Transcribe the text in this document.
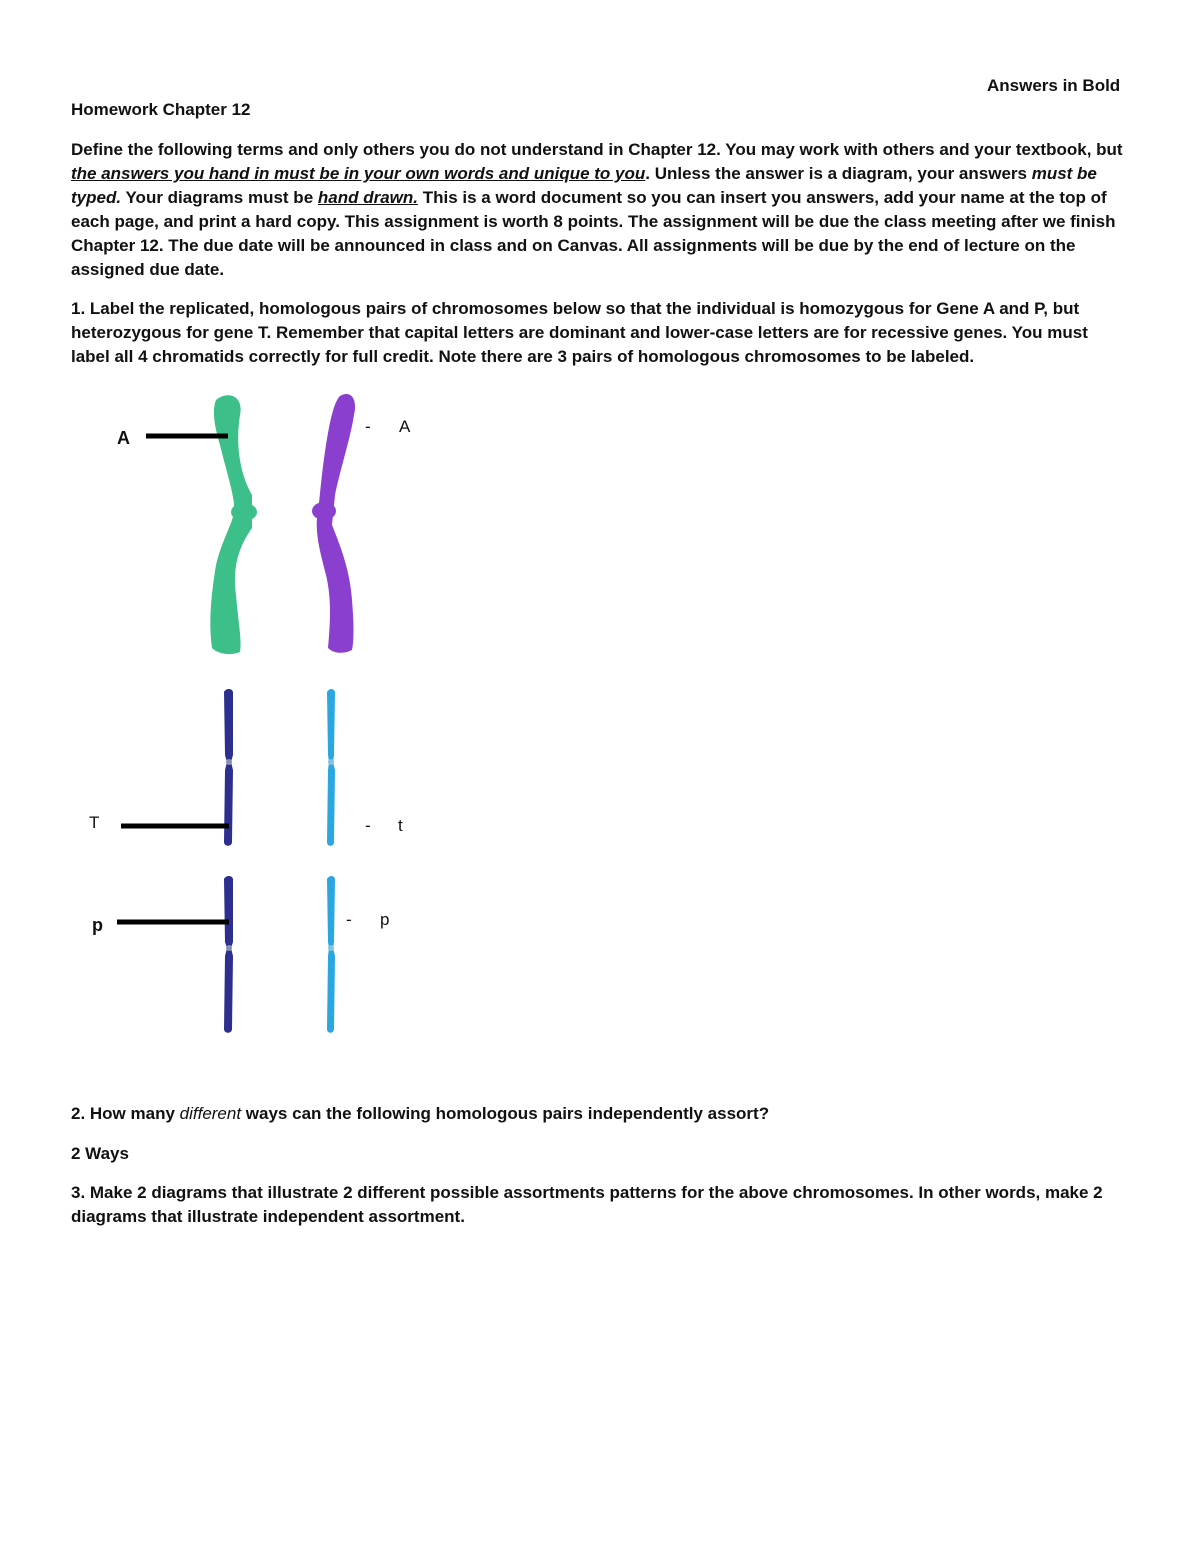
Answers in Bold
Homework Chapter 12
Define the following terms and only others you do not understand in Chapter 12. You may work with others and your textbook, but the answers you hand in must be in your own words and unique to you. Unless the answer is a diagram, your answers must be typed. Your diagrams must be hand drawn. This is a word document so you can insert you answers, add your name at the top of each page, and print a hard copy. This assignment is worth 8 points. The assignment will be due the class meeting after we finish Chapter 12. The due date will be announced in class and on Canvas. All assignments will be due by the end of lecture on the assigned due date.
1. Label the replicated, homologous pairs of chromosomes below so that the individual is homozygous for Gene A and P, but heterozygous for gene T. Remember that capital letters are dominant and lower-case letters are for recessive genes. You must label all 4 chromatids correctly for full credit. Note there are 3 pairs of homologous chromosomes to be labeled.
A
- A
T	- t
p	- p
2. How many different ways can the following homologous pairs independently assort?
2 Ways
3. Make 2 diagrams that illustrate 2 different possible assortments patterns for the above chromosomes. In other words, make 2 diagrams that illustrate independent assortment.
